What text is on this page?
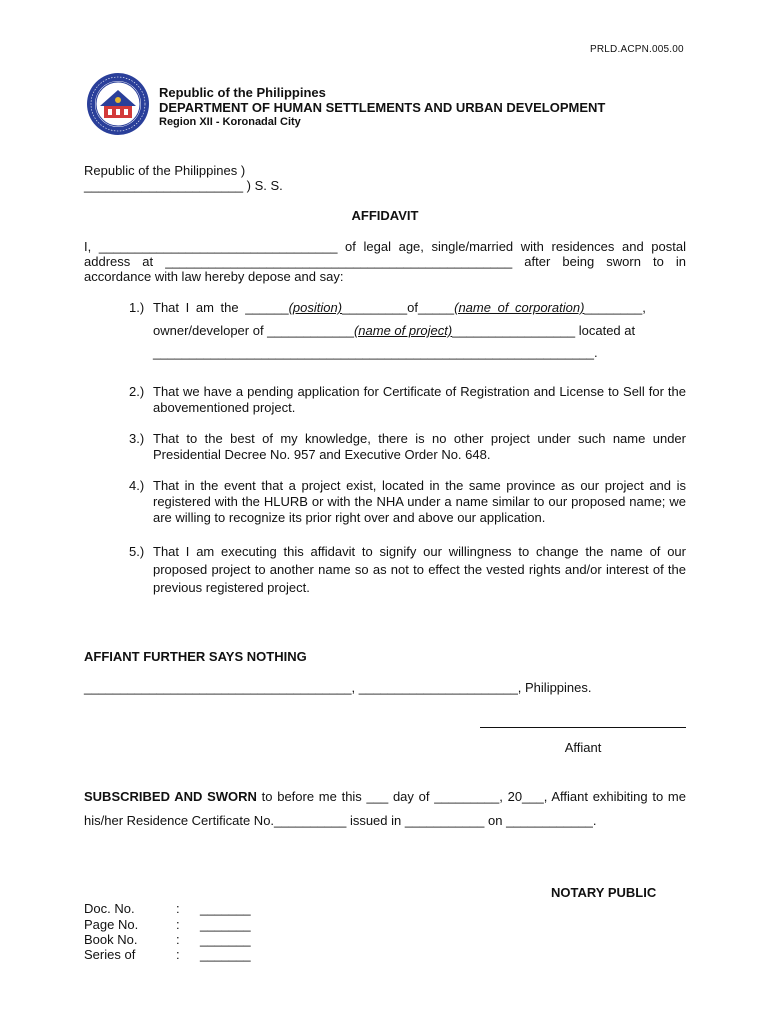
PRLD.ACPN.005.00
Republic of the Philippines
DEPARTMENT OF HUMAN SETTLEMENTS AND URBAN DEVELOPMENT
Region XII - Koronadal City
Republic of the Philippines )
______________________ ) S. S.
AFFIDAVIT
I, _________________________________ of legal age, single/married with residences and postal address at ________________________________________________ after being sworn to in accordance with law hereby depose and say:
1.) That I am the ______(position)_________of_____(name of corporation)________,
owner/developer of ____________(name of project)_________________ located at
_____________________________________________________________.
2.) That we have a pending application for Certificate of Registration and License to Sell for the abovementioned project.
3.) That to the best of my knowledge, there is no other project under such name under Presidential Decree No. 957 and Executive Order No. 648.
4.) That in the event that a project exist, located in the same province as our project and is registered with the HLURB or with the NHA under a name similar to our proposed name; we are willing to recognize its prior right over and above our application.
5.) That I am executing this affidavit to signify our willingness to change the name of our proposed project to another name so as not to effect the vested rights and/or interest of the previous registered project.
AFFIANT FURTHER SAYS NOTHING
_____________________________________, ______________________, Philippines.
Affiant
SUBSCRIBED AND SWORN to before me this ___ day of _________, 20___, Affiant exhibiting to me his/her Residence Certificate No.__________ issued in ___________ on ____________.
NOTARY PUBLIC
Doc. No.	: _______
Page No.	: _______
Book No.	: _______
Series of	: _______
